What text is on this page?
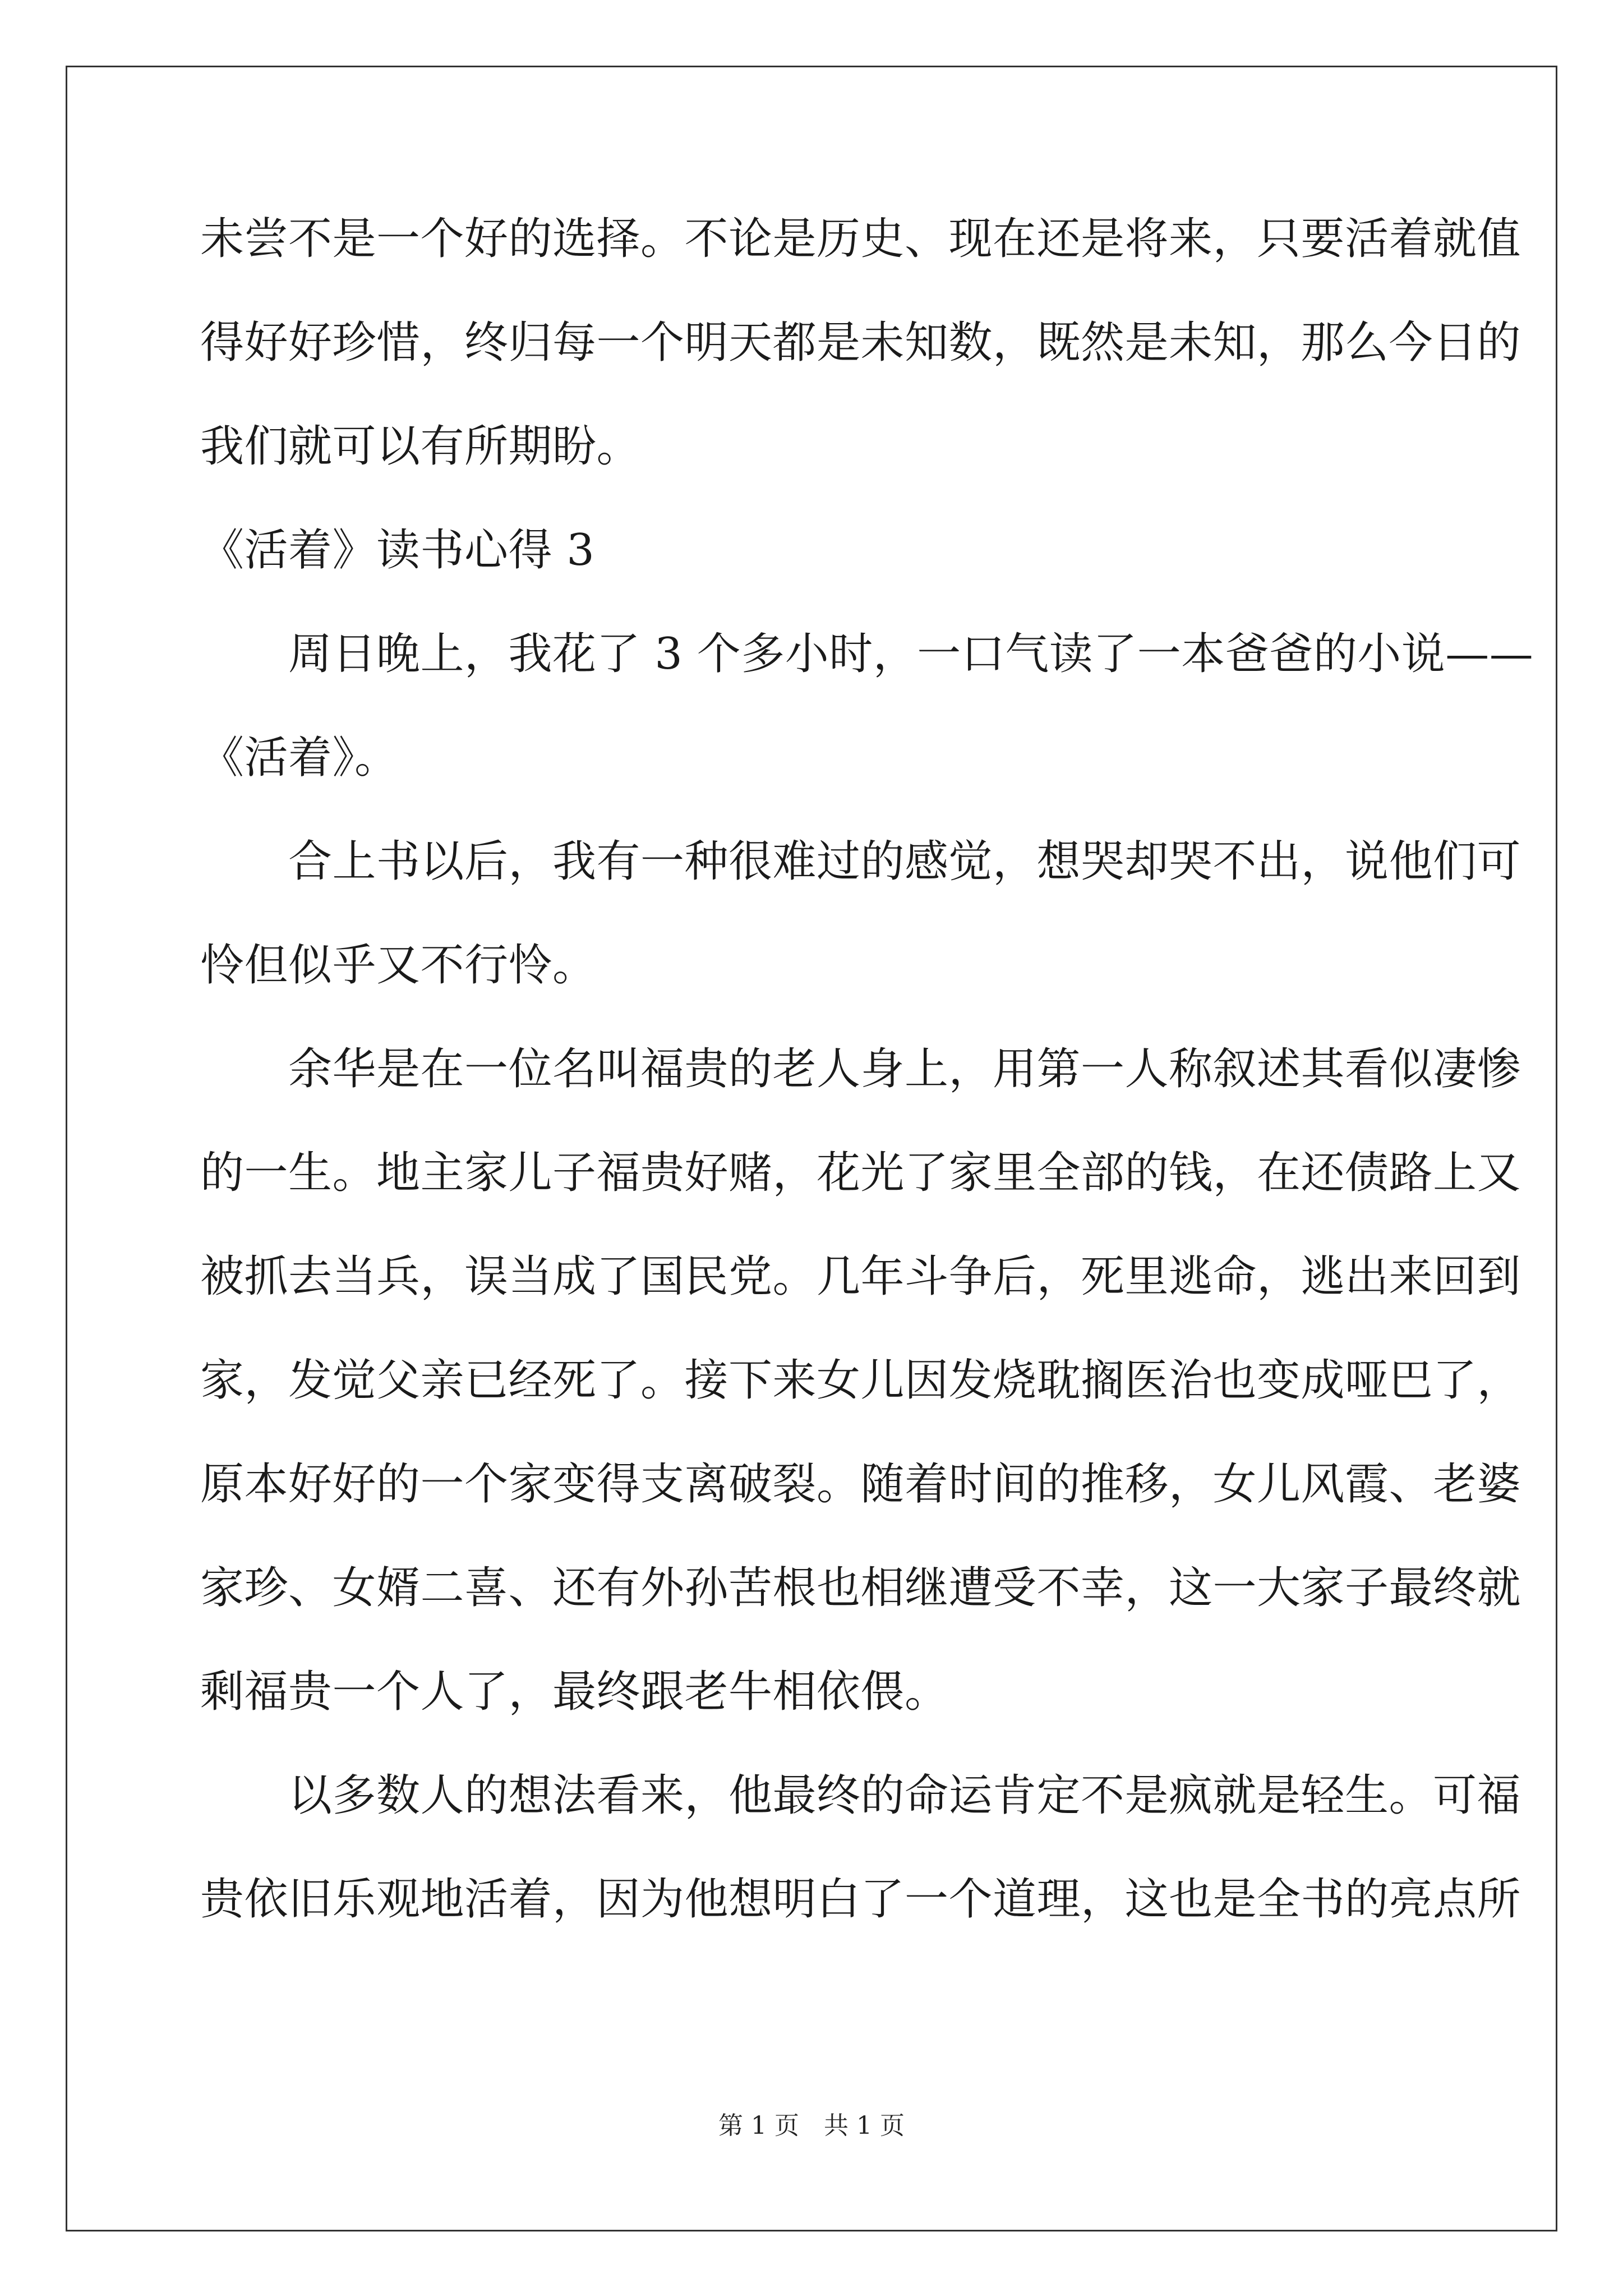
未尝不是一个好的选择。不论是历史、现在还是将来，只要活着就值
得好好珍惜，终归每一个明天都是未知数，既然是未知，那么今日的
我们就可以有所期盼。
《活着》读书心得 3
　　周日晚上，我花了 3 个多小时，一口气读了一本爸爸的小说——
《活着》。
　　合上书以后，我有一种很难过的感觉，想哭却哭不出，说他们可
怜但似乎又不行怜。
　　余华是在一位名叫福贵的老人身上，用第一人称叙述其看似凄惨
的一生。地主家儿子福贵好赌，花光了家里全部的钱，在还债路上又
被抓去当兵，误当成了国民党。几年斗争后，死里逃命，逃出来回到
家，发觉父亲已经死了。接下来女儿因发烧耽搁医治也变成哑巴了，
原本好好的一个家变得支离破裂。随着时间的推移，女儿风霞、老婆
家珍、女婿二喜、还有外孙苦根也相继遭受不幸，这一大家子最终就
剩福贵一个人了，最终跟老牛相依偎。
　　以多数人的想法看来，他最终的命运肯定不是疯就是轻生。可福
贵依旧乐观地活着，因为他想明白了一个道理，这也是全书的亮点所
第 1 页　共 1 页
